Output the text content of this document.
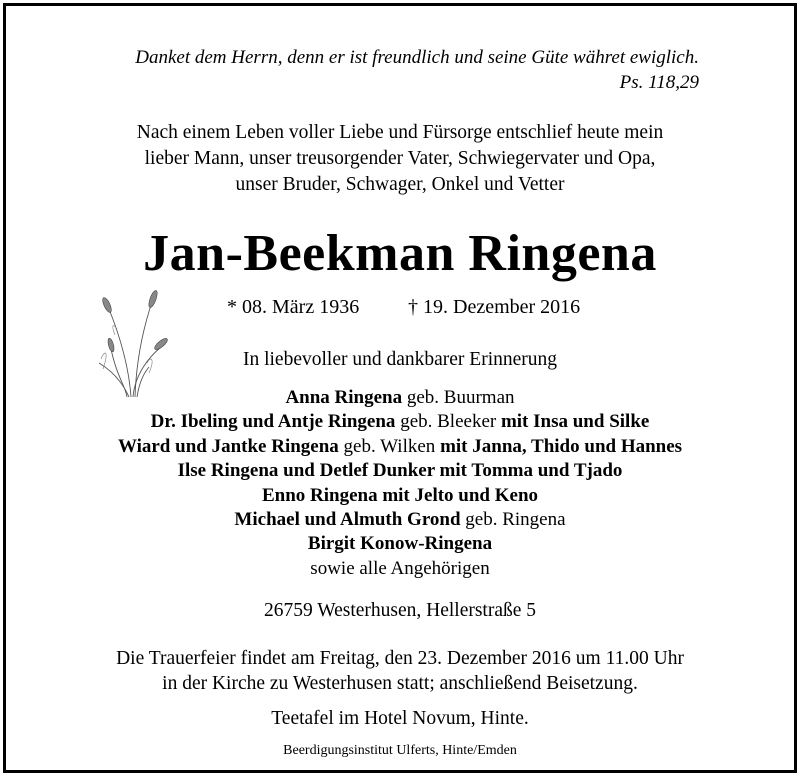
Danket dem Herrn, denn er ist freundlich und seine Güte währet ewiglich.
Ps. 118,29
Nach einem Leben voller Liebe und Fürsorge entschlief heute mein
lieber Mann, unser treusorgender Vater, Schwiegervater und Opa,
unser Bruder, Schwager, Onkel und Vetter
Jan-Beekman Ringena
* 08. März 1936 † 19. Dezember 2016
In liebevoller und dankbarer Erinnerung
Anna Ringena geb. Buurman
Dr. Ibeling und Antje Ringena geb. Bleeker mit Insa und Silke
Wiard und Jantke Ringena geb. Wilken mit Janna, Thido und Hannes
Ilse Ringena und Detlef Dunker mit Tomma und Tjado
Enno Ringena mit Jelto und Keno
Michael und Almuth Grond geb. Ringena
Birgit Konow-Ringena
sowie alle Angehörigen
26759 Westerhusen, Hellerstraße 5
Die Trauerfeier findet am Freitag, den 23. Dezember 2016 um 11.00 Uhr
in der Kirche zu Westerhusen statt; anschließend Beisetzung.
Teetafel im Hotel Novum, Hinte.
Beerdigungsinstitut Ulferts, Hinte/Emden
